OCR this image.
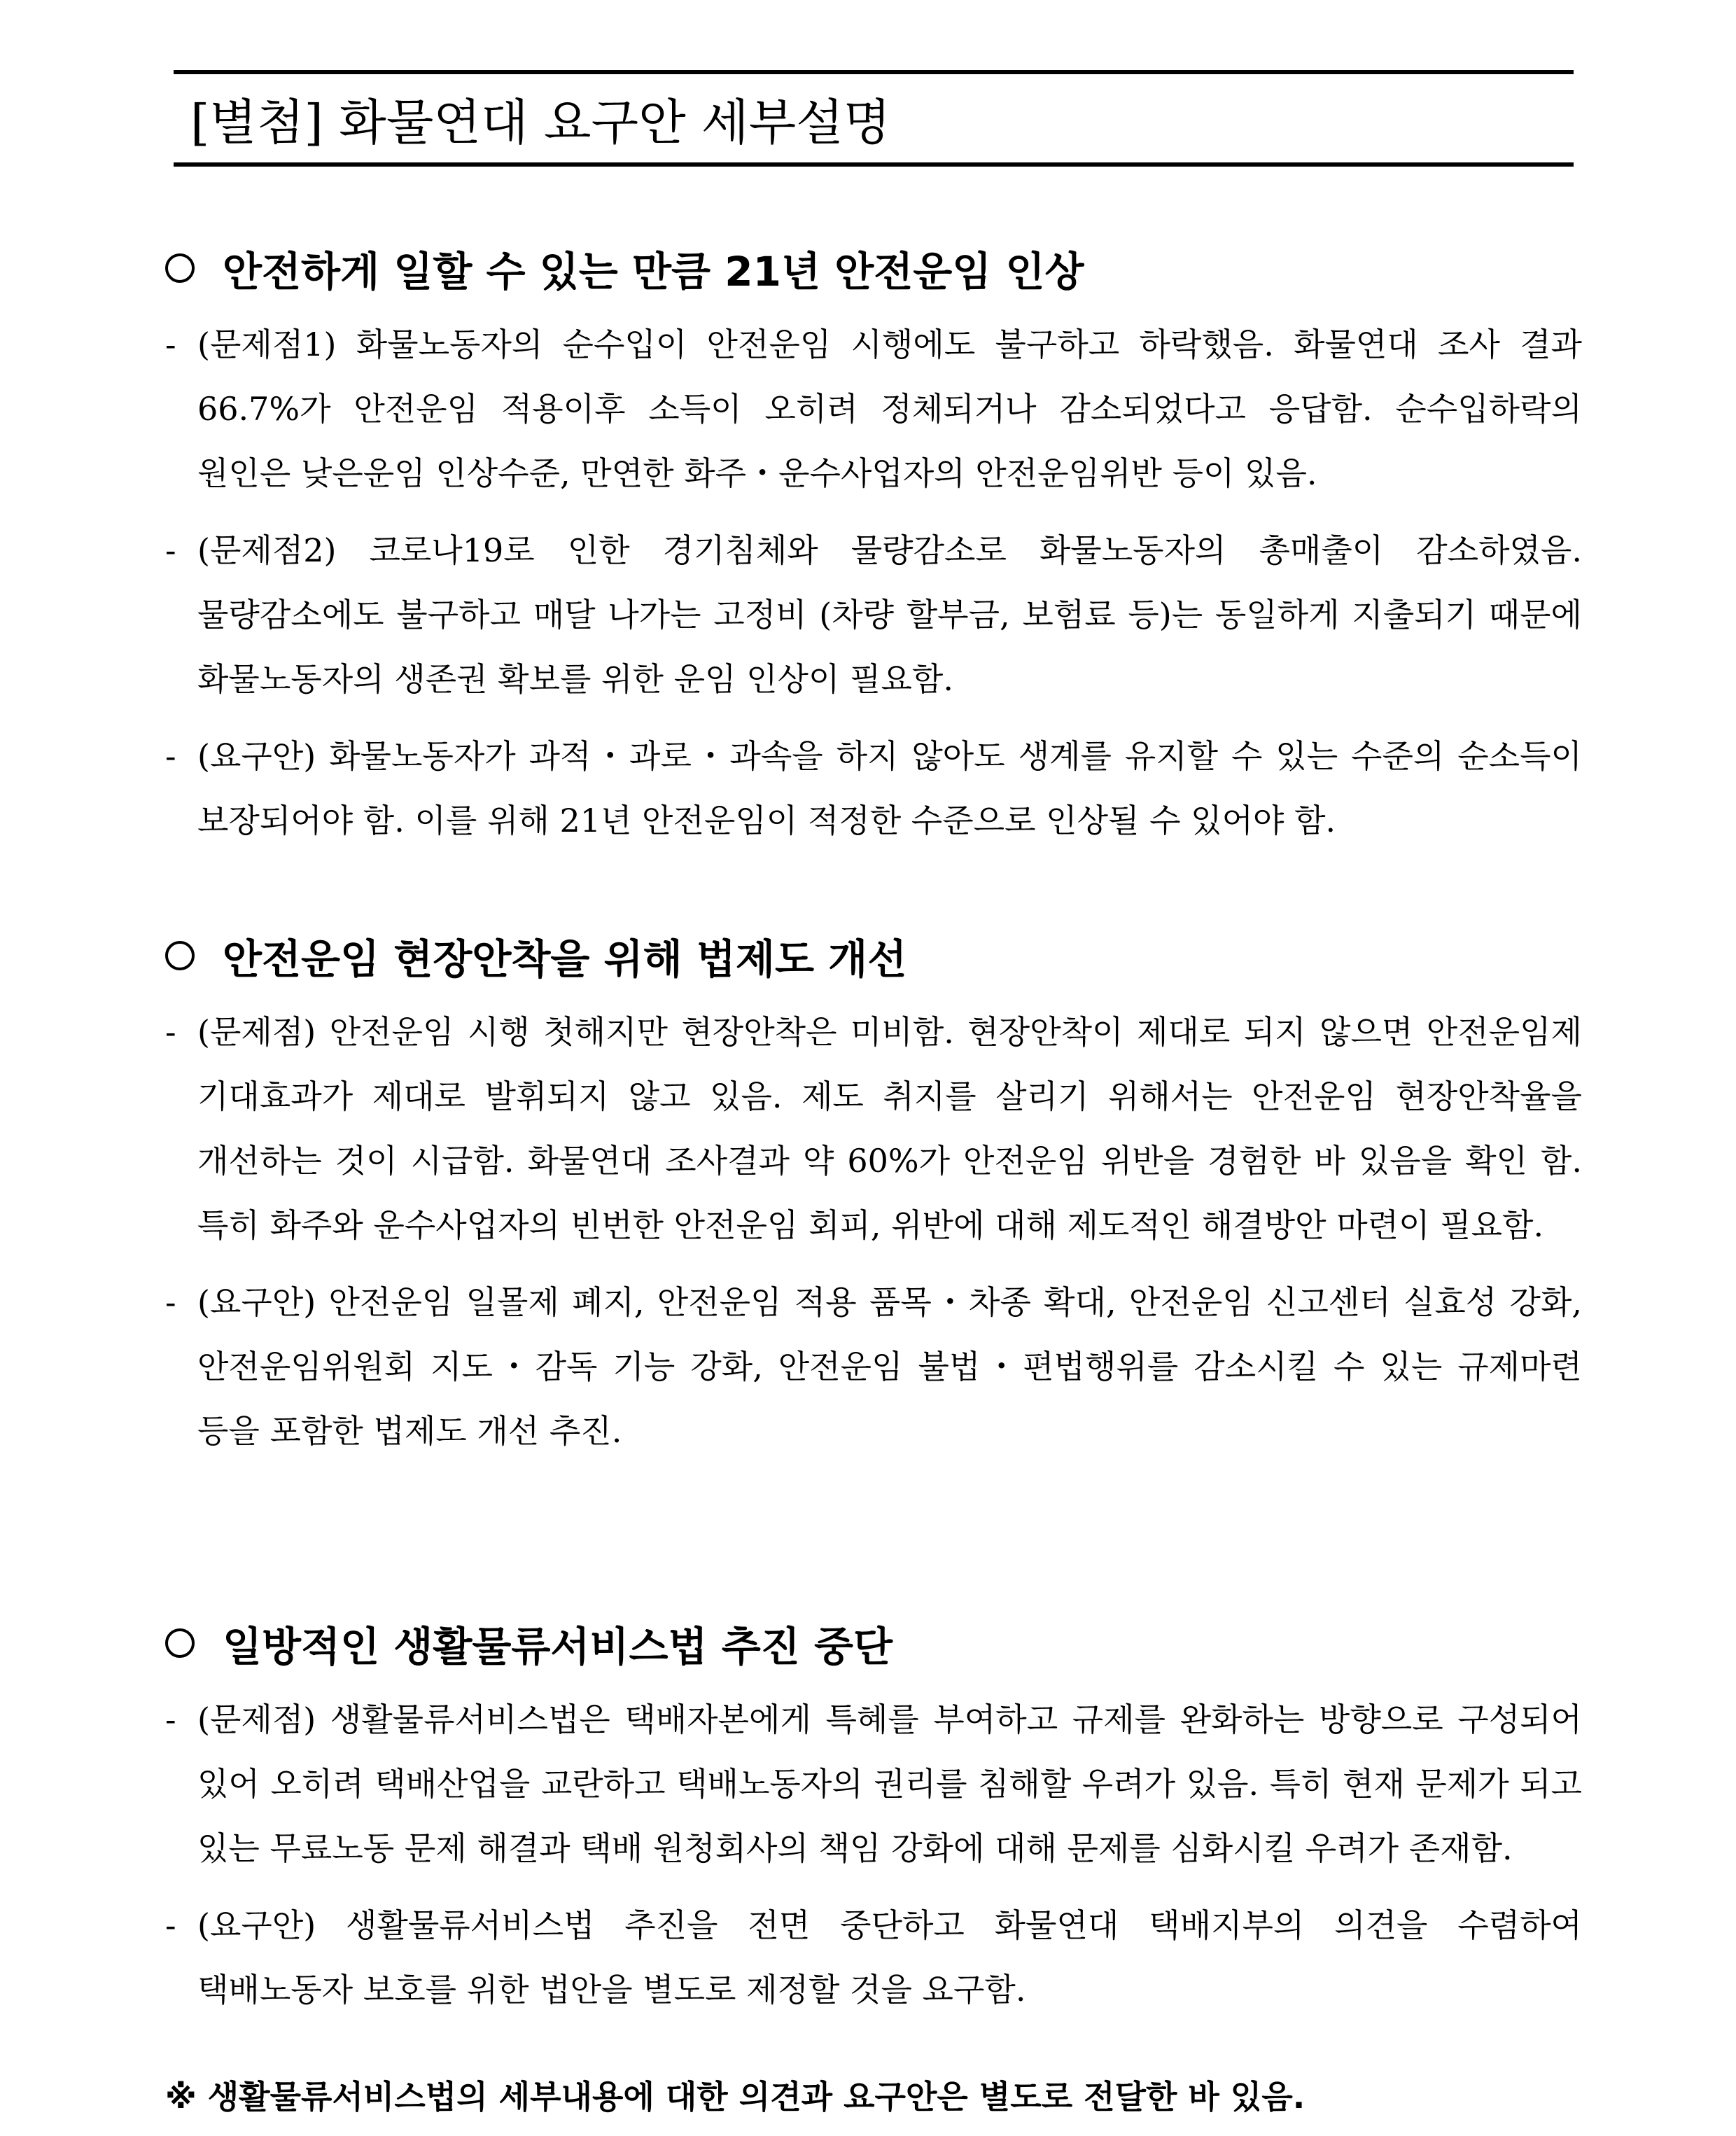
[별첨] 화물연대 요구안 세부설명
안전하게 일할 수 있는 만큼 21년 안전운임 인상
- (문제점1) 화물노동자의 순수입이 안전운임 시행에도 불구하고 하락했음. 화물연대 조사 결과 66.7%가 안전운임 적용이후 소득이 오히려 정체되거나 감소되었다고 응답함. 순수입하락의 원인은 낮은운임 인상수준, 만연한 화주・운수사업자의 안전운임위반 등이 있음.
- (문제점2) 코로나19로 인한 경기침체와 물량감소로 화물노동자의 총매출이 감소하였음. 물량감소에도 불구하고 매달 나가는 고정비 (차량 할부금, 보험료 등)는 동일하게 지출되기 때문에 화물노동자의 생존권 확보를 위한 운임 인상이 필요함.
- (요구안) 화물노동자가 과적・과로・과속을 하지 않아도 생계를 유지할 수 있는 수준의 순소득이 보장되어야 함. 이를 위해 21년 안전운임이 적정한 수준으로 인상될 수 있어야 함.
안전운임 현장안착을 위해 법제도 개선
- (문제점) 안전운임 시행 첫해지만 현장안착은 미비함. 현장안착이 제대로 되지 않으면 안전운임제 기대효과가 제대로 발휘되지 않고 있음. 제도 취지를 살리기 위해서는 안전운임 현장안착율을 개선하는 것이 시급함. 화물연대 조사결과 약 60%가 안전운임 위반을 경험한 바 있음을 확인 함. 특히 화주와 운수사업자의 빈번한 안전운임 회피, 위반에 대해 제도적인 해결방안 마련이 필요함.
- (요구안) 안전운임 일몰제 폐지, 안전운임 적용 품목・차종 확대, 안전운임 신고센터 실효성 강화, 안전운임위원회 지도・감독 기능 강화, 안전운임 불법・편법행위를 감소시킬 수 있는 규제마련 등을 포함한 법제도 개선 추진.
일방적인 생활물류서비스법 추진 중단
- (문제점) 생활물류서비스법은 택배자본에게 특혜를 부여하고 규제를 완화하는 방향으로 구성되어 있어 오히려 택배산업을 교란하고 택배노동자의 권리를 침해할 우려가 있음. 특히 현재 문제가 되고 있는 무료노동 문제 해결과 택배 원청회사의 책임 강화에 대해 문제를 심화시킬 우려가 존재함.
- (요구안) 생활물류서비스법 추진을 전면 중단하고 화물연대 택배지부의 의견을 수렴하여 택배노동자 보호를 위한 법안을 별도로 제정할 것을 요구함.
※ 생활물류서비스법의 세부내용에 대한 의견과 요구안은 별도로 전달한 바 있음.
